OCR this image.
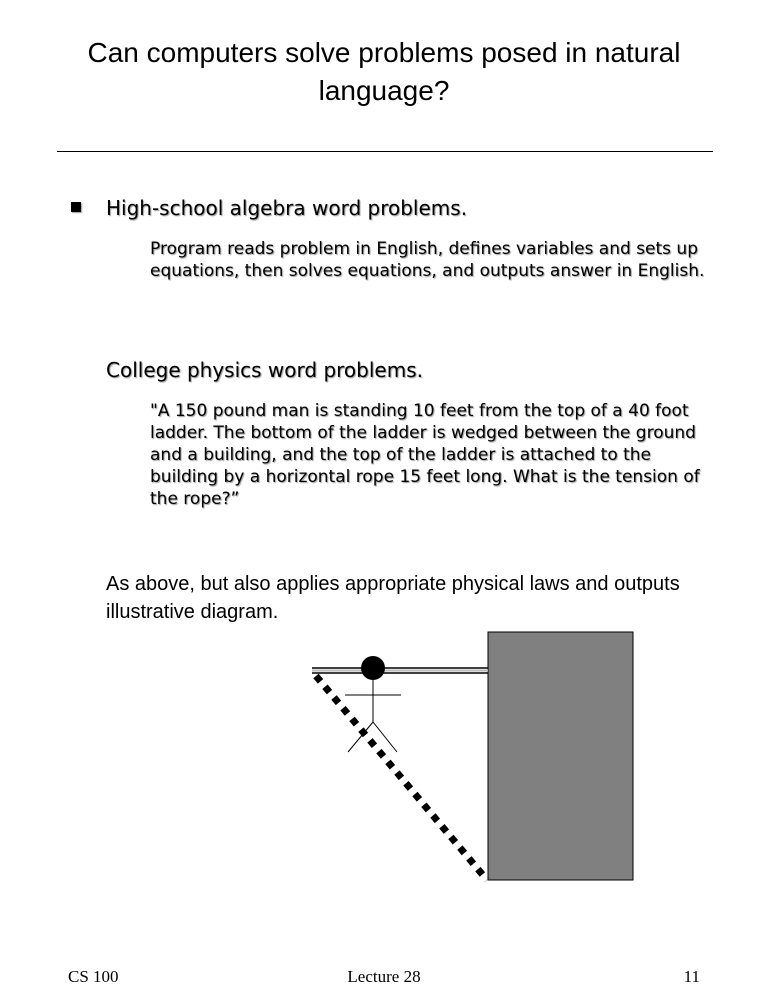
Can computers solve problems posed in natural language?
High-school algebra word problems.
Program reads problem in English, defines variables and sets up equations, then solves equations, and outputs answer in English.
College physics word problems.
"A 150 pound man is standing 10 feet from the top of a 40 foot ladder. The bottom of the ladder is wedged between the ground and a building, and the top of the ladder is attached to the building by a horizontal rope 15 feet long. What is the tension of the rope?”
As above, but also applies appropriate physical laws and outputs illustrative diagram.
CS 100	Lecture 28	11
